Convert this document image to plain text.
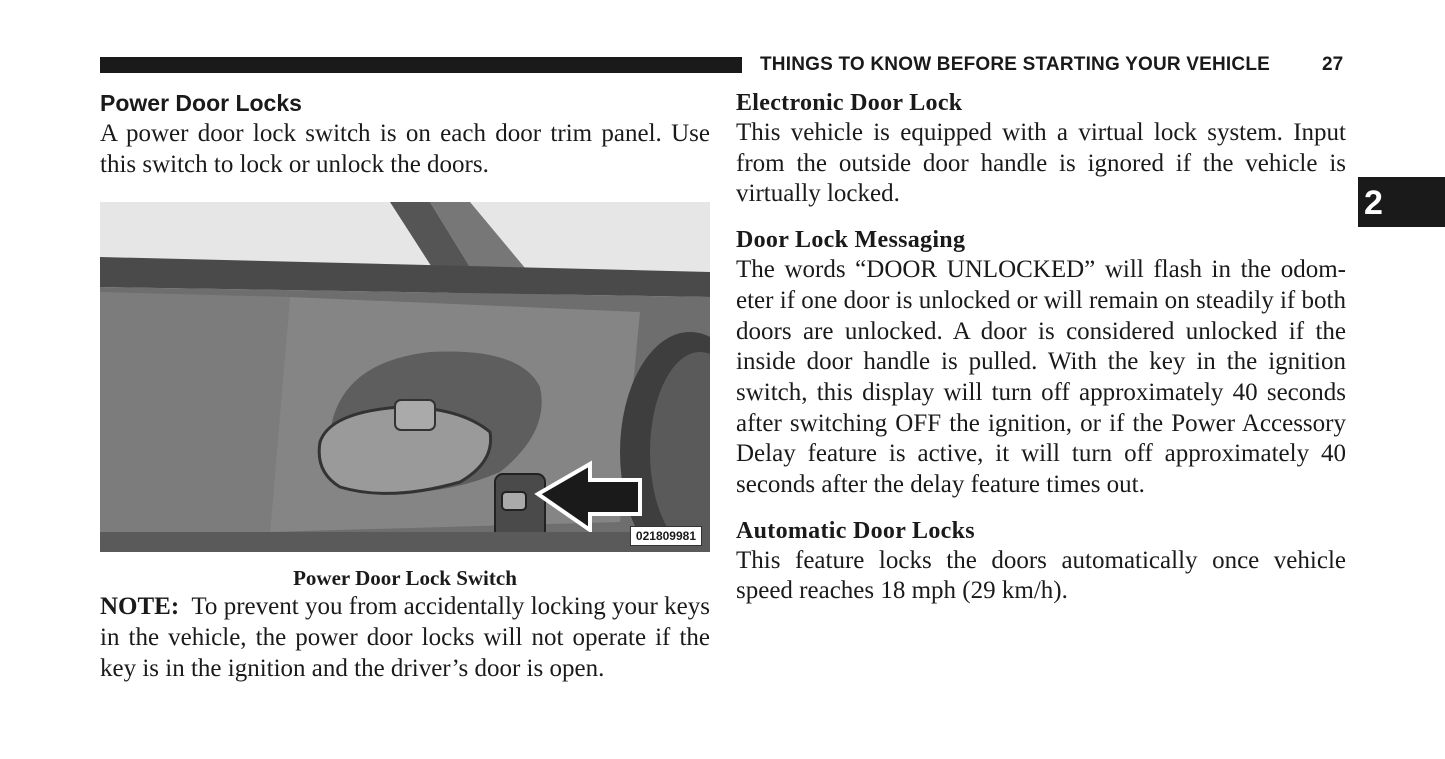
THINGS TO KNOW BEFORE STARTING YOUR VEHICLE	27
2
Power Door Locks

A power door lock switch is on each door trim panel. Use this switch to lock or unlock the doors.

021809981
Power Door Lock Switch

NOTE: To prevent you from accidentally locking your keys in the vehicle, the power door locks will not operate if the key is in the ignition and the driver’s door is open.

Electronic Door Lock

This vehicle is equipped with a virtual lock system. Input from the outside door handle is ignored if the vehicle is virtually locked.

Door Lock Messaging

The words “DOOR UNLOCKED” will flash in the odometer if one door is unlocked or will remain on steadily if both doors are unlocked. A door is considered unlocked if the inside door handle is pulled. With the key in the ignition switch, this display will turn off approximately 40 seconds after switching OFF the ignition, or if the Power Accessory Delay feature is active, it will turn off approximately 40 seconds after the delay feature times out.

Automatic Door Locks

This feature locks the doors automatically once vehicle speed reaches 18 mph (29 km/h).
